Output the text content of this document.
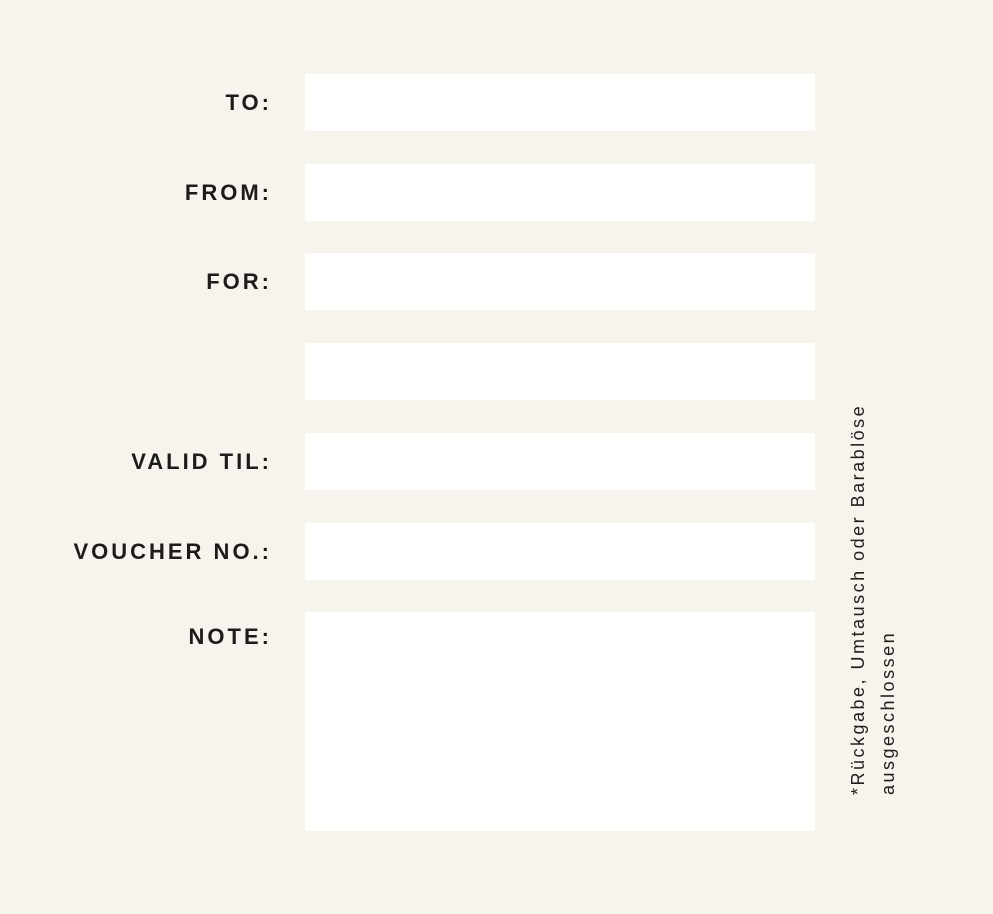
TO:
FROM:
FOR:
VALID TIL:
VOUCHER NO.:
NOTE:	*Rückgabe, Umtausch oder Barablöse ausgeschlossen
